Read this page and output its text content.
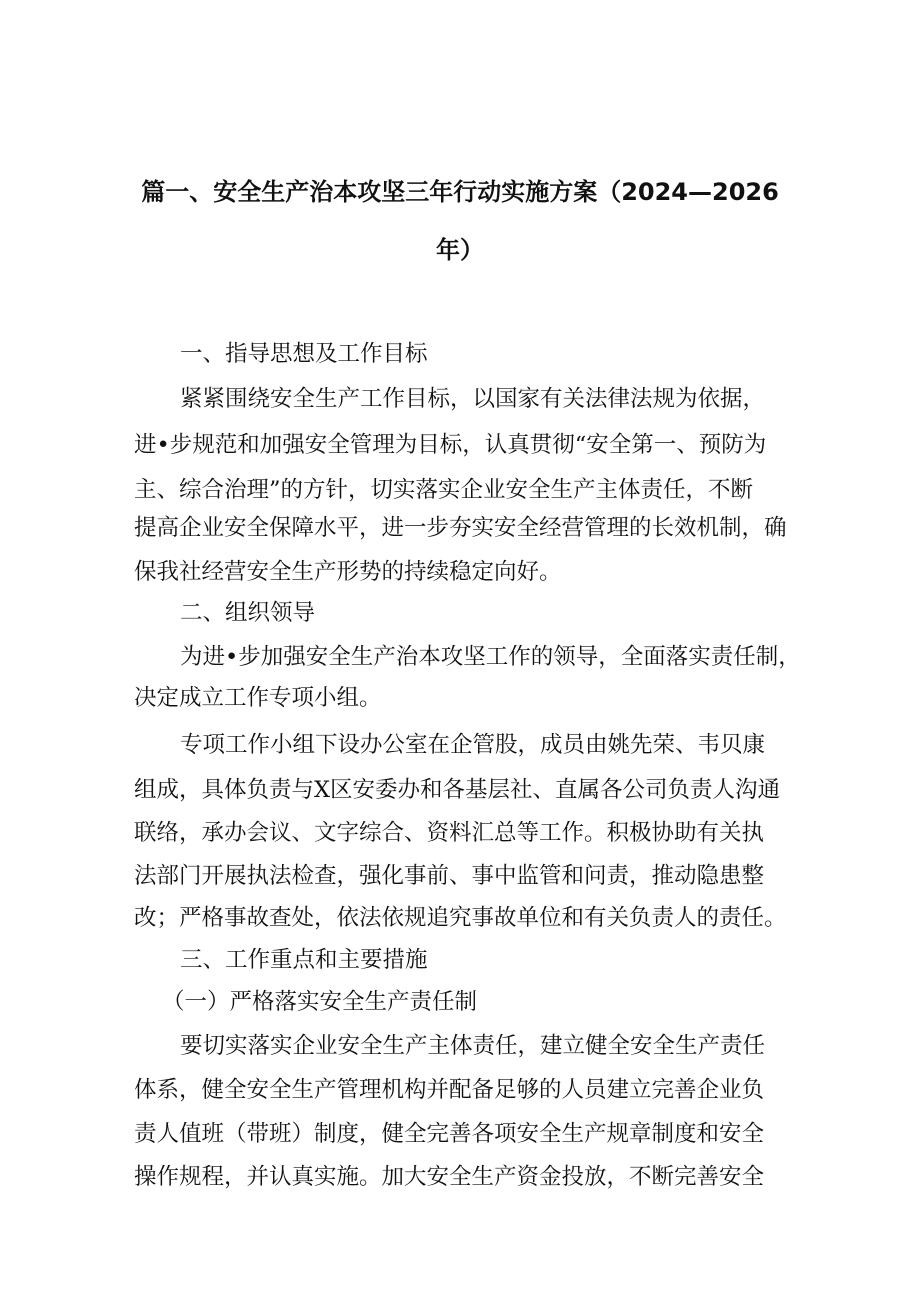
篇一、安全生产治本攻坚三年行动实施方案（2024—2026
年）
一、指导思想及工作目标
紧紧围绕安全生产工作目标，以国家有关法律法规为依据，
进•步规范和加强安全管理为目标，认真贯彻“安全第一、预防为
主、综合治理”的方针，切实落实企业安全生产主体责任，不断
提高企业安全保障水平，进一步夯实安全经营管理的长效机制，确
保我社经营安全生产形势的持续稳定向好。
二、组织领导
为进•步加强安全生产治本攻坚工作的领导，全面落实责任制，
决定成立工作专项小组。
专项工作小组下设办公室在企管股，成员由姚先荣、韦贝康
组成，具体负责与X区安委办和各基层社、直属各公司负责人沟通
联络，承办会议、文字综合、资料汇总等工作。积极协助有关执
法部门开展执法检查，强化事前、事中监管和问责，推动隐患整
改；严格事故查处，依法依规追究事故单位和有关负责人的责任。
三、工作重点和主要措施
（一）严格落实安全生产责任制
要切实落实企业安全生产主体责任，建立健全安全生产责任
体系，健全安全生产管理机构并配备足够的人员建立完善企业负
责人值班（带班）制度，健全完善各项安全生产规章制度和安全
操作规程，并认真实施。加大安全生产资金投放，不断完善安全
